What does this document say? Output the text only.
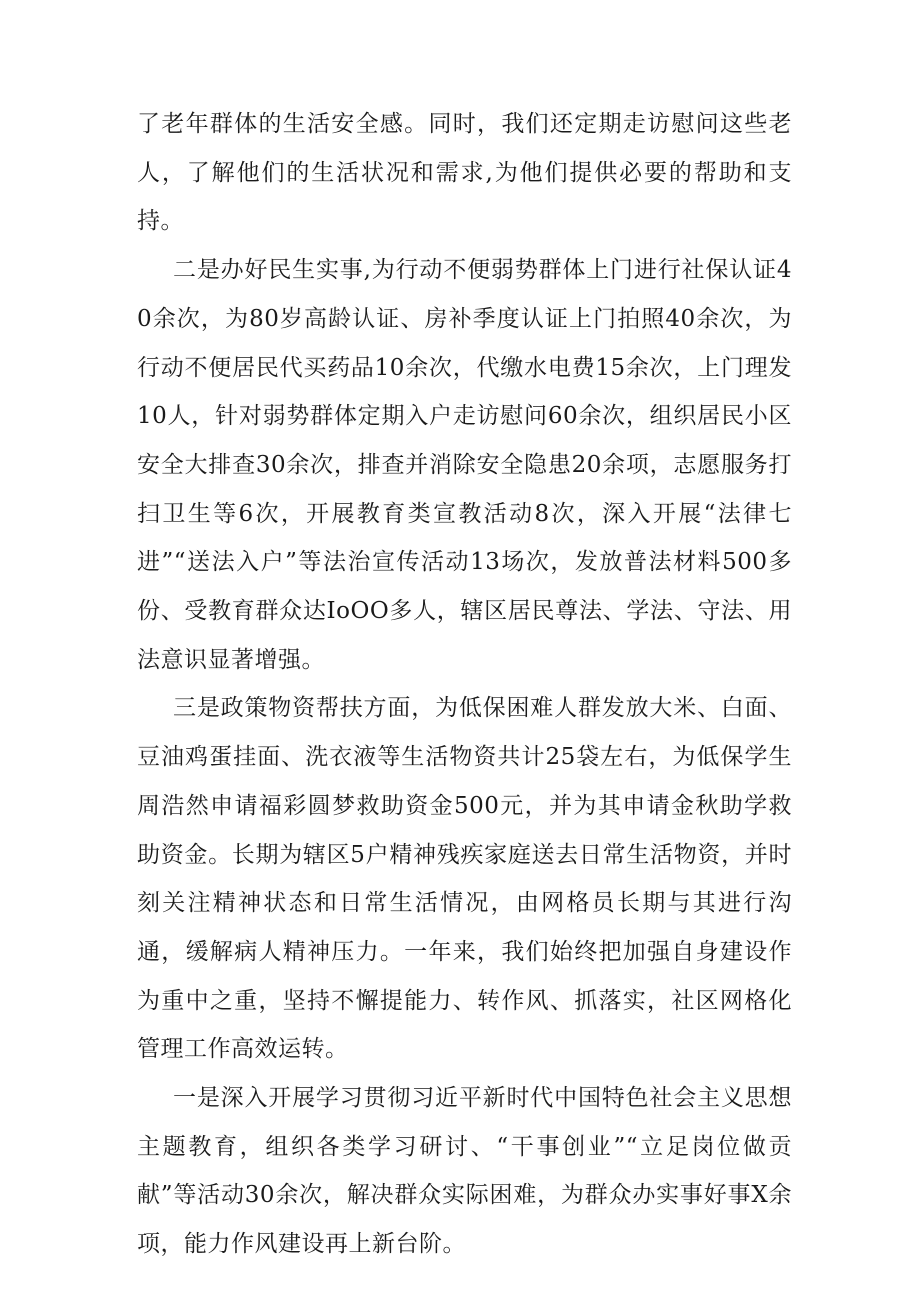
了老年群体的生活安全感。同时，我们还定期走访慰问这些老人，了解他们的生活状况和需求,为他们提供必要的帮助和支持。

二是办好民生实事,为行动不便弱势群体上门进行社保认证40余次，为80岁高龄认证、房补季度认证上门拍照40余次，为行动不便居民代买药品10余次，代缴水电费15余次，上门理发10人，针对弱势群体定期入户走访慰问60余次，组织居民小区安全大排查30余次，排查并消除安全隐患20余项，志愿服务打扫卫生等6次，开展教育类宣教活动8次，深入开展“法律七进”“送法入户”等法治宣传活动13场次，发放普法材料500多份、受教育群众达IoOO多人，辖区居民尊法、学法、守法、用法意识显著增强。

三是政策物资帮扶方面，为低保困难人群发放大米、白面、豆油鸡蛋挂面、洗衣液等生活物资共计25袋左右，为低保学生周浩然申请福彩圆梦救助资金500元，并为其申请金秋助学救助资金。长期为辖区5户精神残疾家庭送去日常生活物资，并时刻关注精神状态和日常生活情况，由网格员长期与其进行沟通，缓解病人精神压力。一年来，我们始终把加强自身建设作为重中之重，坚持不懈提能力、转作风、抓落实，社区网格化管理工作高效运转。

一是深入开展学习贯彻习近平新时代中国特色社会主义思想主题教育，组织各类学习研讨、“干事创业”“立足岗位做贡献”等活动30余次，解决群众实际困难，为群众办实事好事X余项，能力作风建设再上新台阶。
